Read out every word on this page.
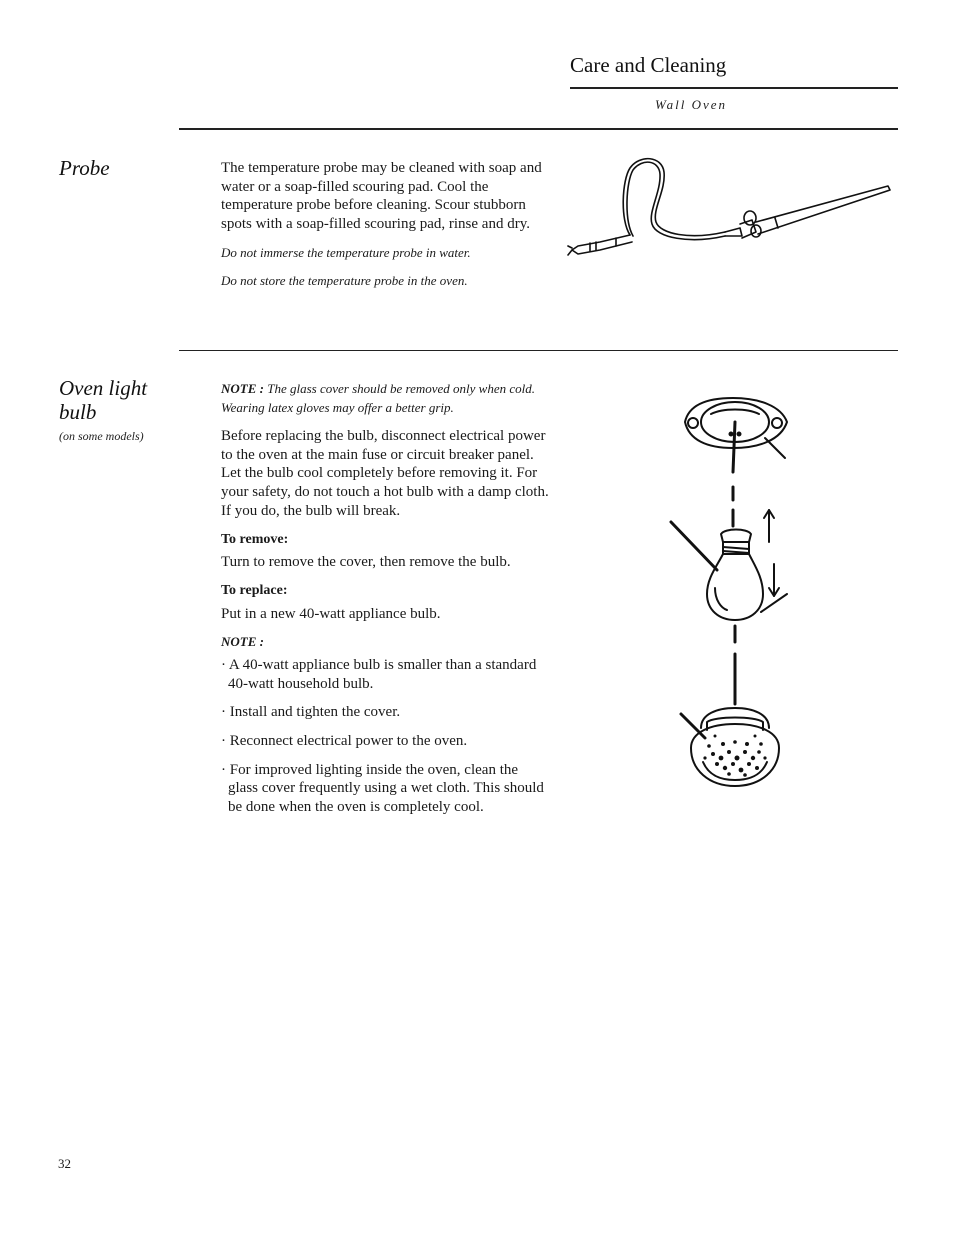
Care and Cleaning
Wall Oven
Probe	The temperature probe may be cleaned with soap and water or a soap-filled scouring pad. Cool the temperature probe before cleaning. Scour stubborn spots with a soap-filled scouring pad, rinse and dry.

Do not immerse the temperature probe in water.

Do not store the temperature probe in the oven.

Oven light bulb
(on some models)

NOTE : The glass cover should be removed only when cold. Wearing latex gloves may offer a better grip.

Before replacing the bulb, disconnect electrical power to the oven at the main fuse or circuit breaker panel. Let the bulb cool completely before removing it. For your safety, do not touch a hot bulb with a damp cloth. If you do, the bulb will break.

To remove:

Turn to remove the cover, then remove the bulb.

To replace:

Put in a new 40-watt appliance bulb.

NOTE :

· A 40-watt appliance bulb is smaller than a standard 40-watt household bulb.

· Install and tighten the cover.

· Reconnect electrical power to the oven.

· For improved lighting inside the oven, clean the glass cover frequently using a wet cloth. This should be done when the oven is completely cool.

32
